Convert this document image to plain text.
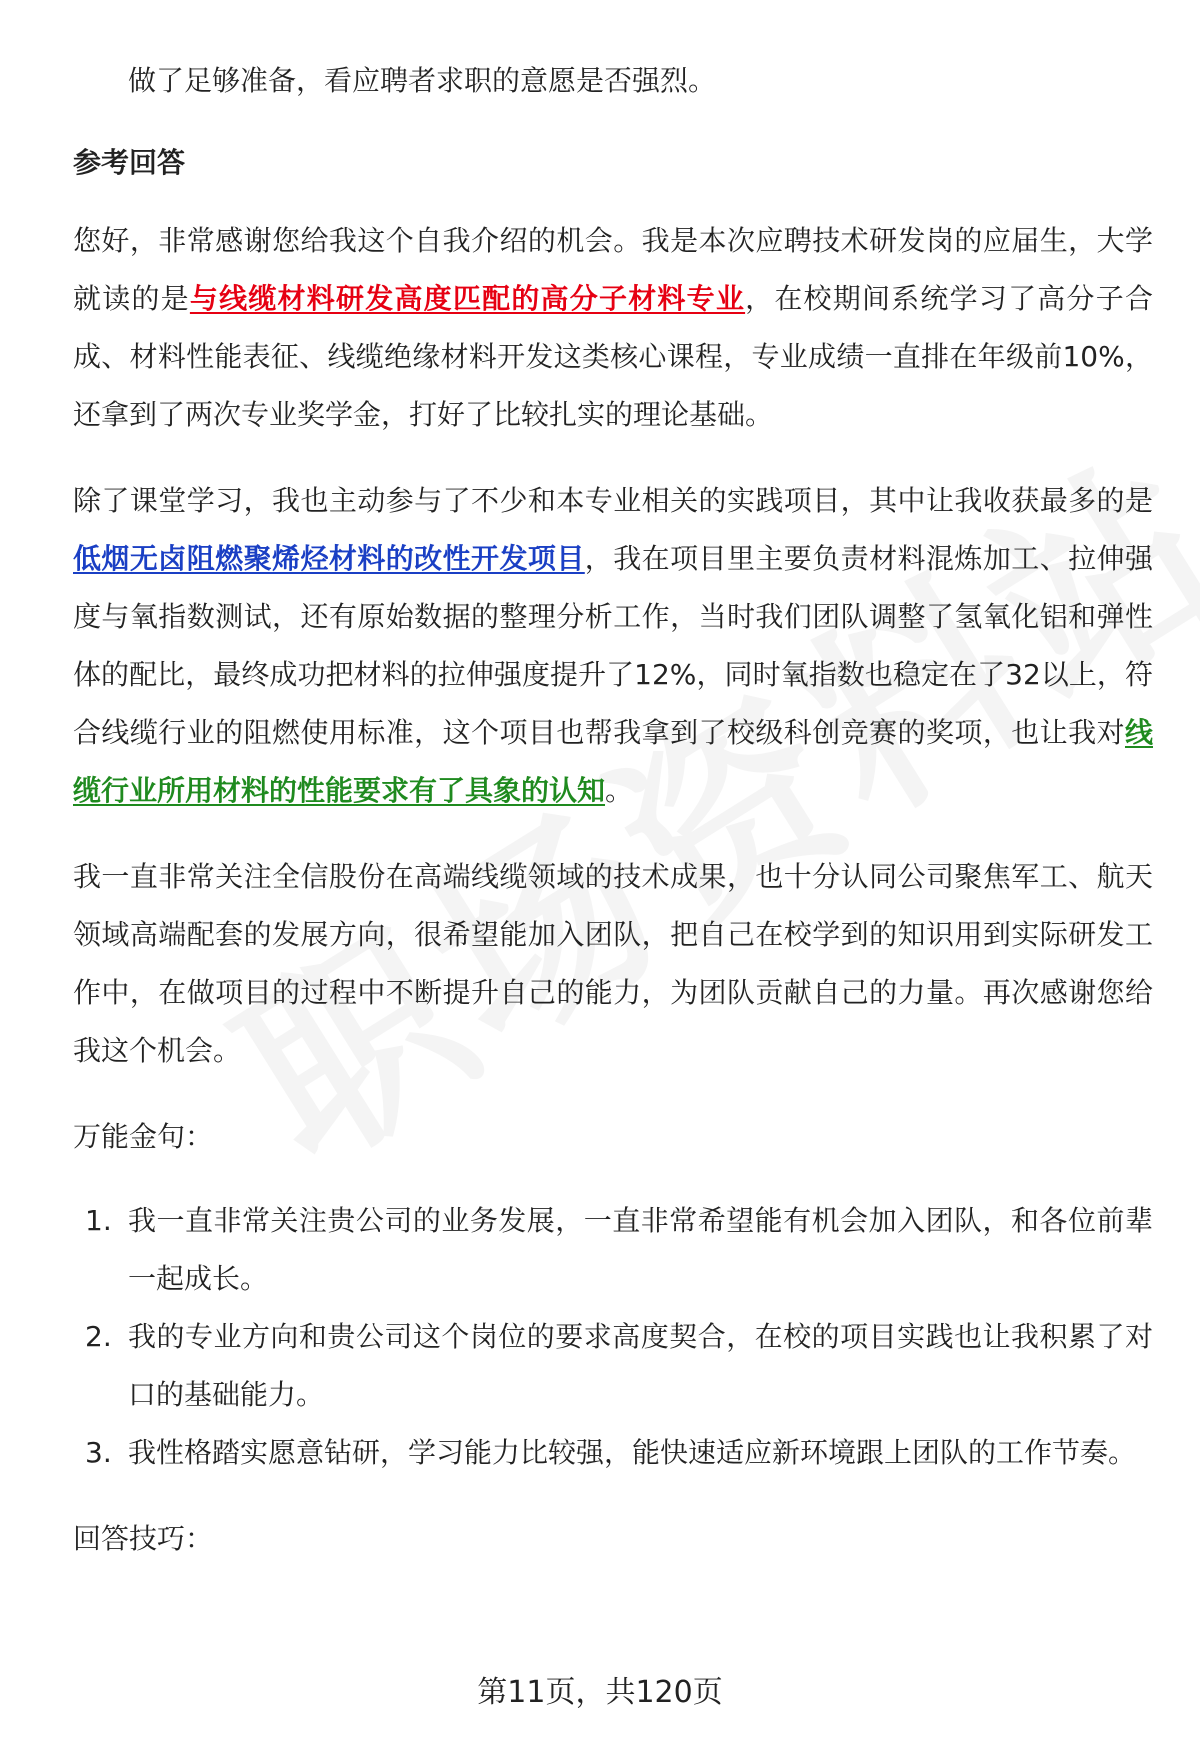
做了足够准备，看应聘者求职的意愿是否强烈。

参考回答

您好，非常感谢您给我这个自我介绍的机会。我是本次应聘技术研发岗的应届生，大学就读的是与线缆材料研发高度匹配的高分子材料专业，在校期间系统学习了高分子合成、材料性能表征、线缆绝缘材料开发这类核心课程，专业成绩一直排在年级前10%，还拿到了两次专业奖学金，打好了比较扎实的理论基础。

除了课堂学习，我也主动参与了不少和本专业相关的实践项目，其中让我收获最多的是低烟无卤阻燃聚烯烃材料的改性开发项目，我在项目里主要负责材料混炼加工、拉伸强度与氧指数测试，还有原始数据的整理分析工作，当时我们团队调整了氢氧化铝和弹性体的配比，最终成功把材料的拉伸强度提升了12%，同时氧指数也稳定在了32以上，符合线缆行业的阻燃使用标准，这个项目也帮我拿到了校级科创竞赛的奖项，也让我对线缆行业所用材料的性能要求有了具象的认知。

我一直非常关注全信股份在高端线缆领域的技术成果，也十分认同公司聚焦军工、航天领域高端配套的发展方向，很希望能加入团队，把自己在校学到的知识用到实际研发工作中，在做项目的过程中不断提升自己的能力，为团队贡献自己的力量。再次感谢您给我这个机会。

万能金句：
1. 我一直非常关注贵公司的业务发展，一直非常希望能有机会加入团队，和各位前辈一起成长。
2. 我的专业方向和贵公司这个岗位的要求高度契合，在校的项目实践也让我积累了对口的基础能力。
3. 我性格踏实愿意钻研，学习能力比较强，能快速适应新环境跟上团队的工作节奏。
回答技巧：
第11页，共120页
